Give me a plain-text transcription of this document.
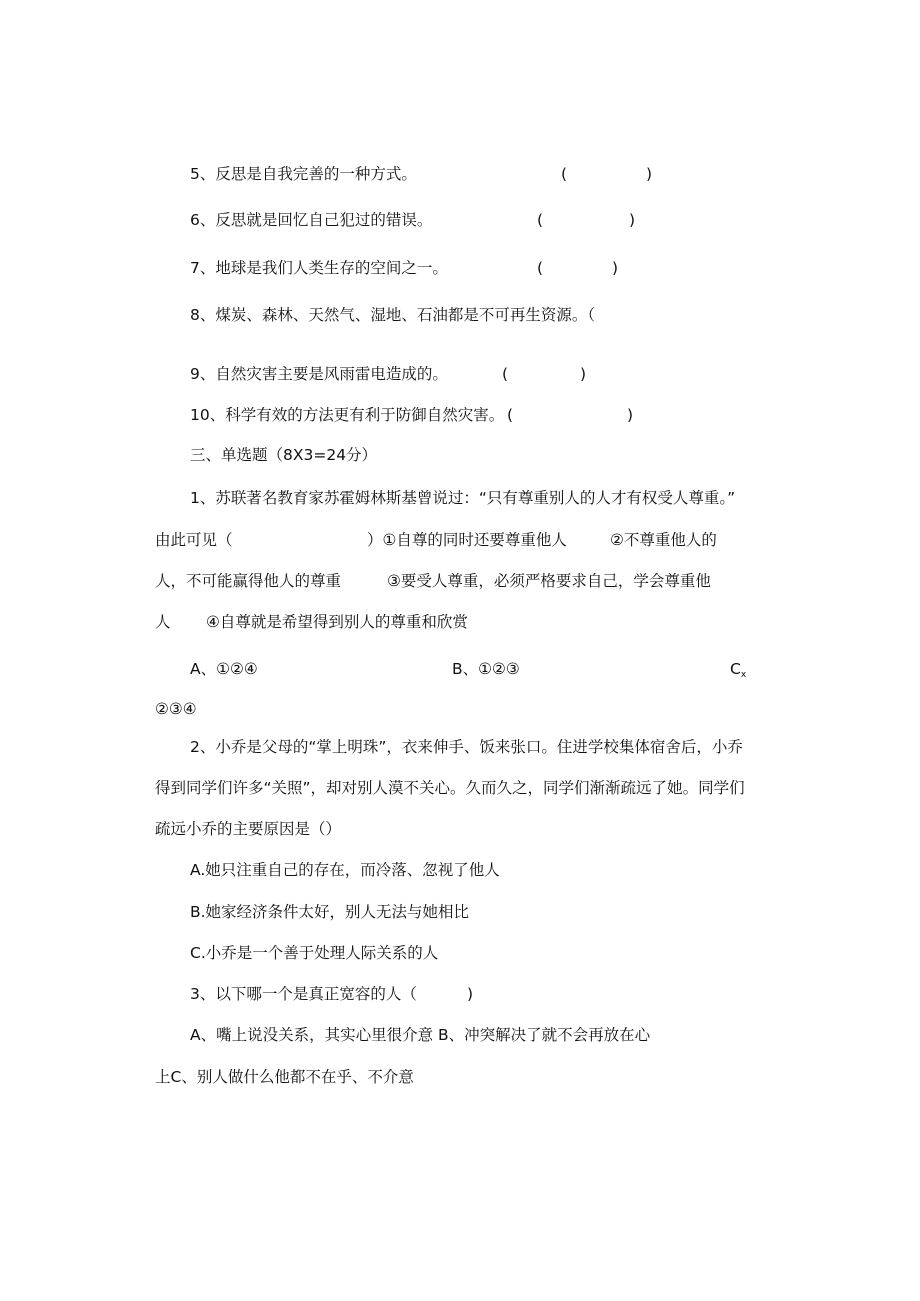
5、反思是自我完善的一种方式。	(	)
6、反思就是回忆自己犯过的错误。	(	)
7、地球是我们人类生存的空间之一。	(	)
8、煤炭、森林、天然气、湿地、石油都是不可再生资源。（
9、自然灾害主要是风雨雷电造成的。	(	)
10、科学有效的方法更有利于防御自然灾害。 (	)
三、单选题（8X3=24分）
1、苏联著名教育家苏霍姆林斯基曾说过：“只有尊重别人的人才有权受人尊重。”
由此可见（	）①自尊的同时还要尊重他人	②不尊重他人的
人，不可能赢得他人的尊重	③要受人尊重，必须严格要求自己，学会尊重他
人 ④自尊就是希望得到别人的尊重和欣赏
A、①②④	B、①②③	$C_x$
②③④
2、小乔是父母的“掌上明珠”，衣来伸手、饭来张口。住进学校集体宿舍后，小乔
得到同学们许多“关照”，却对别人漠不关心。久而久之，同学们渐渐疏远了她。同学们
疏远小乔的主要原因是（）
A.她只注重自己的存在，而冷落、忽视了他人
B.她家经济条件太好，别人无法与她相比
C.小乔是一个善于处理人际关系的人
3、以下哪一个是真正宽容的人（	)
A、嘴上说没关系，其实心里很介意 B、冲突解决了就不会再放在心
上C、别人做什么他都不在乎、不介意
